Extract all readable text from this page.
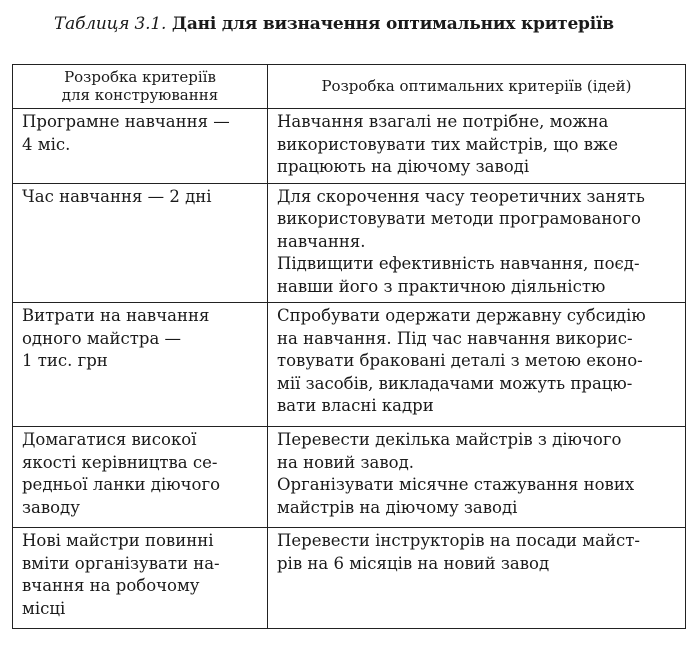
Таблиця 3.1. Дані для визначення оптимальних критеріїв
Розробка критеріїв
для конструювання	Розробка оптимальних критеріїв (ідей)

Програмне навчання —
4 міс.	Навчання взагалі не потрібне, можна
використовувати тих майстрів, що вже
працюють на діючому заводі

Час навчання — 2 дні	Для скорочення часу теоретичних занять
використовувати методи програмованого
навчання.
Підвищити ефективність навчання, поєд-
навши його з практичною діяльністю

Витрати на навчання
одного майстра —
1 тис. грн	Спробувати одержати державну субсидію
на навчання. Під час навчання викорис-
товувати браковані деталі з метою еконо-
мії засобів, викладачами можуть працю-
вати власні кадри

Домагатися високої
якості керівництва се-
редньої ланки діючого
заводу	Перевести декілька майстрів з діючого
на новий завод.
Організувати місячне стажування нових
майстрів на діючому заводі

Нові майстри повинні
вміти організувати на-
вчання на робочому
місці	Перевести інструкторів на посади майст-
рів на 6 місяців на новий завод
